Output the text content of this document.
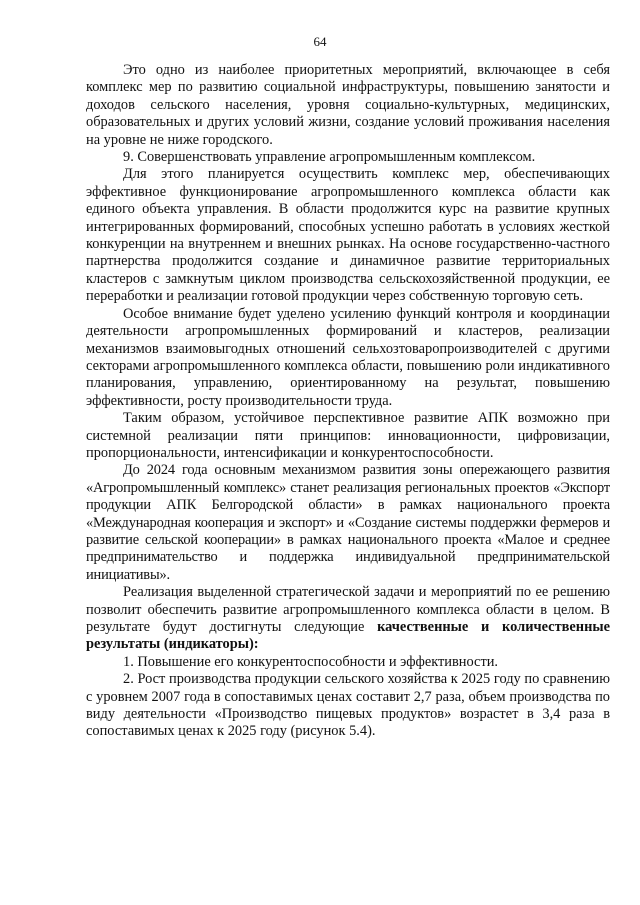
64

Это одно из наиболее приоритетных мероприятий, включающее в себя комплекс мер по развитию социальной инфраструктуры, повышению занятости и доходов сельского населения, уровня социально-культурных, медицинских, образовательных и других условий жизни, создание условий проживания населения на уровне не ниже городского.

9. Совершенствовать управление агропромышленным комплексом.

Для этого планируется осуществить комплекс мер, обеспечивающих эффективное функционирование агропромышленного комплекса области как единого объекта управления. В области продолжится курс на развитие крупных интегрированных формирований, способных успешно работать в условиях жесткой конкуренции на внутреннем и внешних рынках. На основе государственно-частного партнерства продолжится создание и динамичное развитие территориальных кластеров с замкнутым циклом производства сельскохозяйственной продукции, ее переработки и реализации готовой продукции через собственную торговую сеть.

Особое внимание будет уделено усилению функций контроля и координации деятельности агропромышленных формирований и кластеров, реализации механизмов взаимовыгодных отношений сельхозтоваропроизводителей с другими секторами агропромышленного комплекса области, повышению роли индикативного планирования, управлению, ориентированному на результат, повышению эффективности, росту производительности труда.

Таким образом, устойчивое перспективное развитие АПК возможно при системной реализации пяти принципов: инновационности, цифровизации, пропорциональности, интенсификации и конкурентоспособности.

До 2024 года основным механизмом развития зоны опережающего развития «Агропромышленный комплекс» станет реализация региональных проектов «Экспорт продукции АПК Белгородской области» в рамках национального проекта «Международная кооперация и экспорт» и «Создание системы поддержки фермеров и развитие сельской кооперации» в рамках национального проекта «Малое и среднее предпринимательство и поддержка индивидуальной предпринимательской инициативы».

Реализация выделенной стратегической задачи и мероприятий по ее решению позволит обеспечить развитие агропромышленного комплекса области в целом. В результате будут достигнуты следующие качественные и количественные результаты (индикаторы):

1. Повышение его конкурентоспособности и эффективности.

2. Рост производства продукции сельского хозяйства к 2025 году по сравнению с уровнем 2007 года в сопоставимых ценах составит 2,7 раза, объем производства по виду деятельности «Производство пищевых продуктов» возрастет в 3,4 раза в сопоставимых ценах к 2025 году (рисунок 5.4).
